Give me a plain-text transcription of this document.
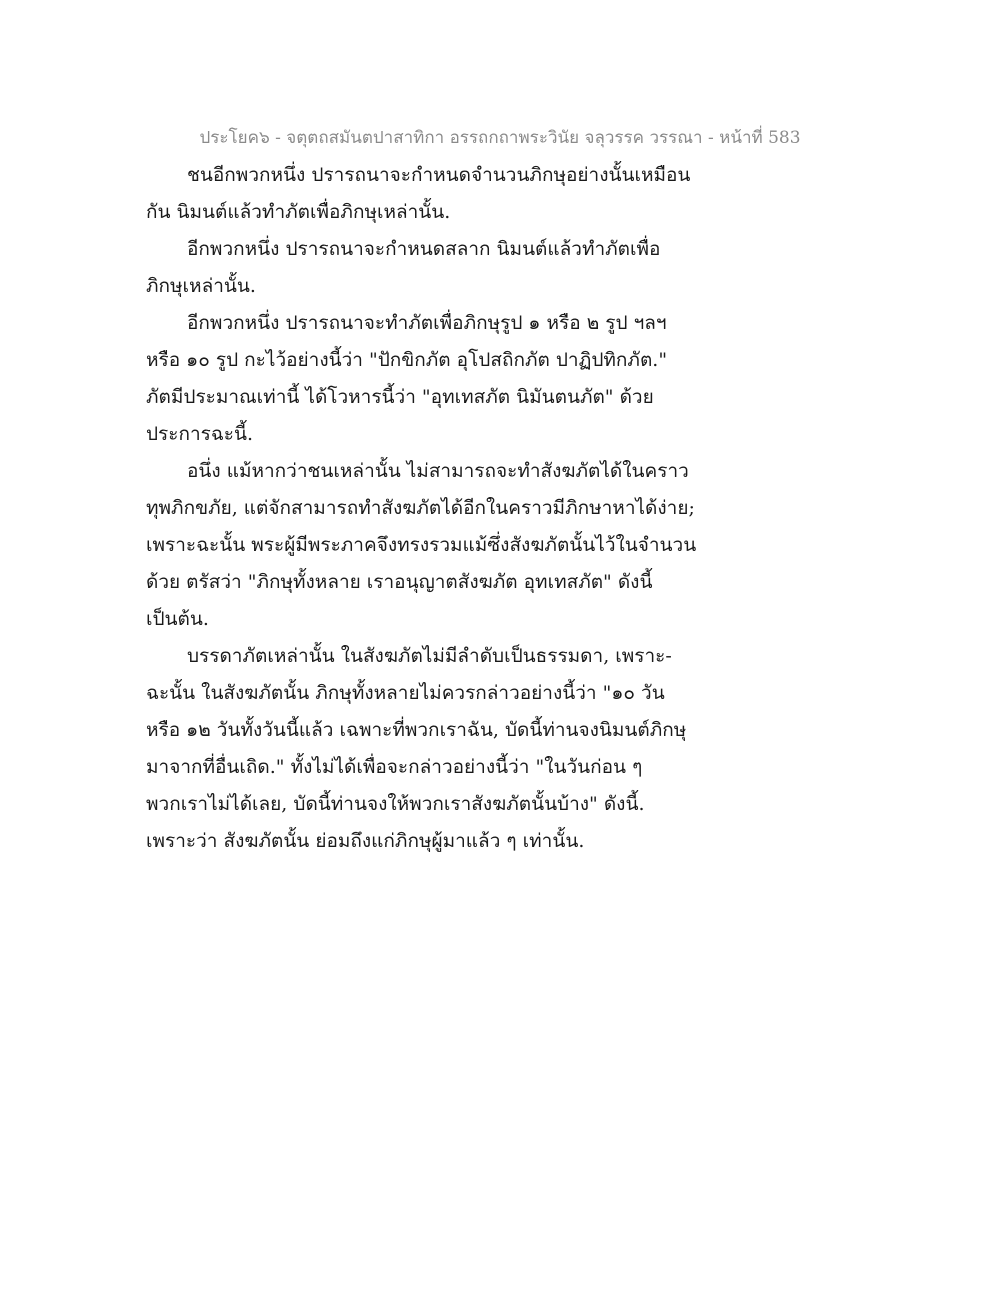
ประโยค๖ - จตุตถสมันตปาสาทิกา อรรถกถาพระวินัย จลุวรรค วรรณา - หน้าที่ 583
ชนอีกพวกหนึ่ง ปรารถนาจะกำหนดจำนวนภิกษุอย่างนั้นเหมือน
กัน นิมนต์แล้วทำภัตเพื่อภิกษุเหล่านั้น.
อีกพวกหนึ่ง ปรารถนาจะกำหนดสลาก นิมนต์แล้วทำภัตเพื่อ
ภิกษุเหล่านั้น.
อีกพวกหนึ่ง ปรารถนาจะทำภัตเพื่อภิกษุรูป ๑ หรือ ๒ รูป ฯลฯ
หรือ ๑๐ รูป กะไว้อย่างนี้ว่า "ปักขิกภัต อุโปสถิกภัต ปาฏิปทิกภัต."
ภัตมีประมาณเท่านี้ ได้โวหารนี้ว่า "อุทเทสภัต นิมันตนภัต" ด้วย
ประการฉะนี้.
อนึ่ง แม้หากว่าชนเหล่านั้น ไม่สามารถจะทำสังฆภัตได้ในคราว
ทุพภิกขภัย, แต่จักสามารถทำสังฆภัตได้อีกในคราวมีภิกษาหาได้ง่าย;
เพราะฉะนั้น พระผู้มีพระภาคจึงทรงรวมแม้ซึ่งสังฆภัตนั้นไว้ในจำนวน
ด้วย ตรัสว่า "ภิกษุทั้งหลาย เราอนุญาตสังฆภัต อุทเทสภัต" ดังนี้
เป็นต้น.
บรรดาภัตเหล่านั้น ในสังฆภัตไม่มีลำดับเป็นธรรมดา, เพราะ-
ฉะนั้น ในสังฆภัตนั้น ภิกษุทั้งหลายไม่ควรกล่าวอย่างนี้ว่า "๑๐ วัน
หรือ ๑๒ วันทั้งวันนี้แล้ว เฉพาะที่พวกเราฉัน, บัดนี้ท่านจงนิมนต์ภิกษุ
มาจากที่อื่นเถิด." ทั้งไม่ได้เพื่อจะกล่าวอย่างนี้ว่า "ในวันก่อน ๆ
พวกเราไม่ได้เลย, บัดนี้ท่านจงให้พวกเราสังฆภัตนั้นบ้าง" ดังนี้.
เพราะว่า สังฆภัตนั้น ย่อมถึงแก่ภิกษุผู้มาแล้ว ๆ เท่านั้น.
